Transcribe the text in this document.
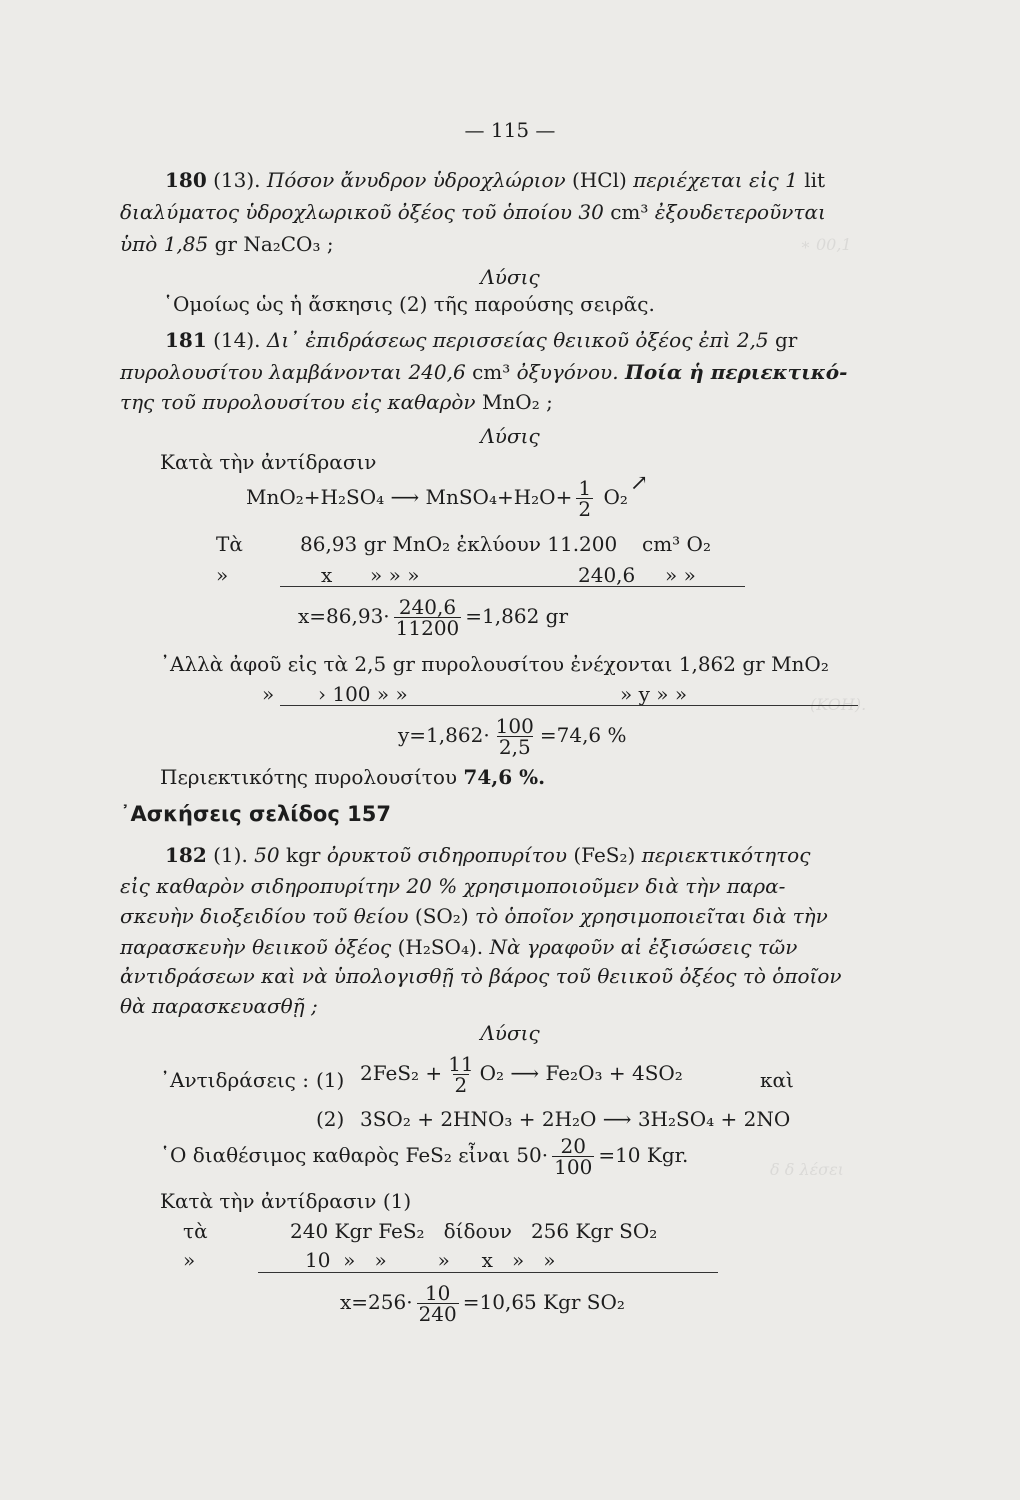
∗ 00,1
(KOH).
δ δ λέσει
— 115 —
180 (13). Πόσον ἄνυδρον ὑδροχλώριον (HCl) περιέχεται εἰς 1 lit
διαλύματος ὑδροχλωρικοῦ ὀξέος τοῦ ὁποίου 30 cm³ ἐξουδετεροῦνται
ὑπὸ 1,85 gr Na₂CO₃ ;
Λύσις
῾Ομοίως ὡς ἡ ἄσκησις (2) τῆς παρούσης σειρᾶς.
181 (14). Δι᾽ ἐπιδράσεως περισσείας θειικοῦ ὀξέος ἐπὶ 2,5 gr
πυρολουσίτου λαμβάνονται 240,6 cm³ ὀξυγόνου. Ποία ἡ περιεκτικό-
της τοῦ πυρολουσίτου εἰς καθαρὸν MnO₂ ;
Λύσις
Κατὰ τὴν ἀντίδρασιν
MnO₂+H₂SO₄ ⟶ MnSO₄+H₂O+ $\frac{1}{2}$ O₂↗
Τὰ	86,93 gr MnO₂ ἐκλύουν 11.200 cm³ O₂
»	x » » »	240,6 » »
$x=86,93\cdot \frac{240,6}{11200} =1,862$ gr
᾽Αλλὰ ἀφοῦ εἰς τὰ 2,5 gr πυρολουσίτου ἐνέχονται 1,862 gr MnO₂
» › 100 » »	» y » »
$y=1,862\cdot \frac{100}{2,5} =74,6$ %
Περιεκτικότης πυρολουσίτου 74,6 %.
᾽Ασκήσεις σελίδος 157
182 (1). 50 kgr ὀρυκτοῦ σιδηροπυρίτου (FeS₂) περιεκτικότητος
εἰς καθαρὸν σιδηροπυρίτην 20 % χρησιμοποιοῦμεν διὰ τὴν παρα-
σκευὴν διοξειδίου τοῦ θείου (SO₂) τὸ ὁποῖον χρησιμοποιεῖται διὰ τὴν
παρασκευὴν θειικοῦ ὀξέος (H₂SO₄). Νὰ γραφοῦν αἱ ἐξισώσεις τῶν
ἀντιδράσεων καὶ νὰ ὑπολογισθῇ τὸ βάρος τοῦ θειικοῦ ὀξέος τὸ ὁποῖον
θὰ παρασκευασθῇ ;
Λύσις
᾽Αντιδράσεις : (1) $2FeS_2 + \frac{11}{2} O_2$ ⟶ Fe₂O₃ + 4SO₂	καὶ
(2) 3SO₂ + 2HNO₃ + 2H₂O ⟶ 3H₂SO₄ + 2NO
῾Ο διαθέσιμος καθαρὸς FeS₂ εἶναι $50\cdot \frac{20}{100} =10$ Kgr.
Κατὰ τὴν ἀντίδρασιν (1)
τὰ	240 Kgr FeS₂   δίδουν   256 Kgr SO₂
»	10  »   »        »     x   »   »
$x=256\cdot \frac{10}{240} =10,65$ Kgr SO₂
